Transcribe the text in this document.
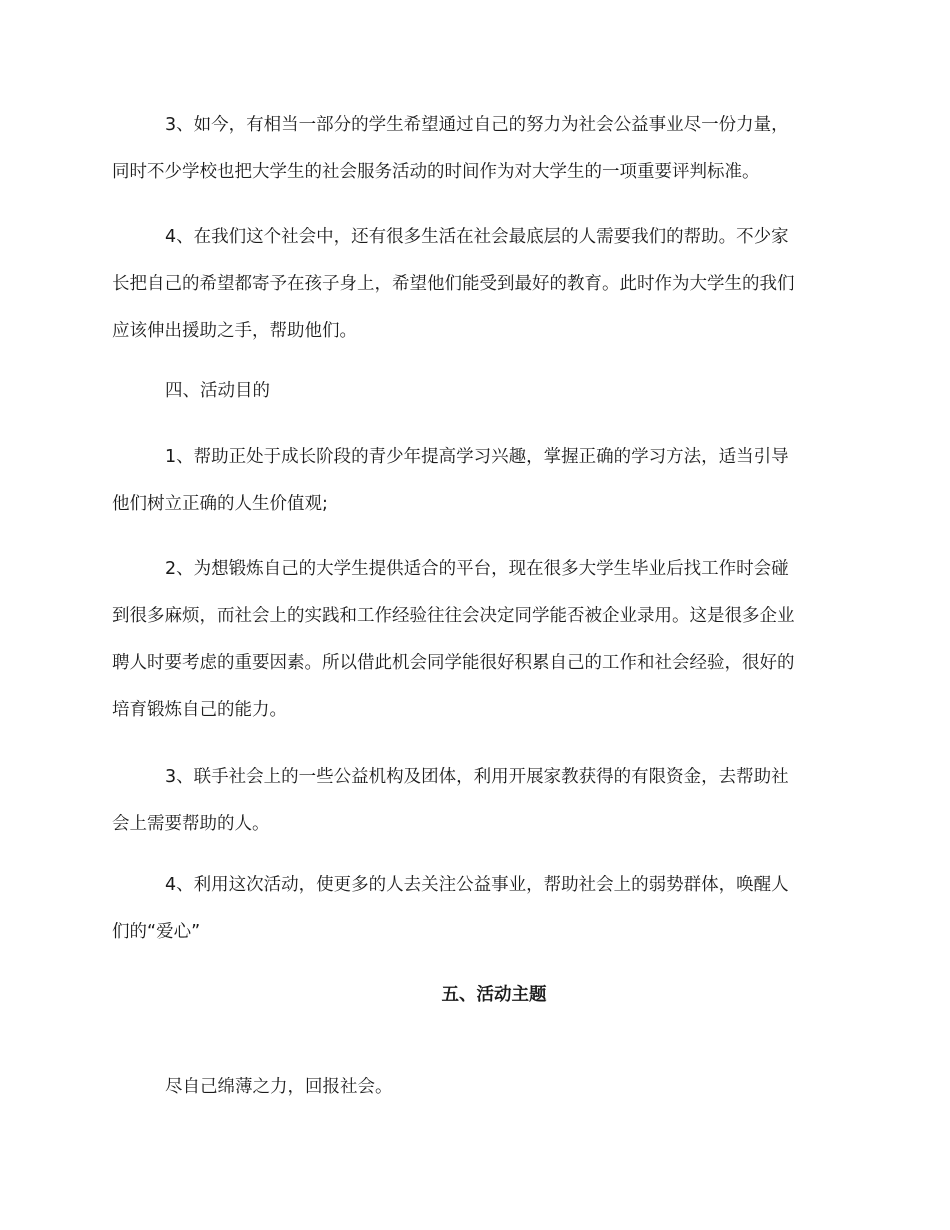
3、如今，有相当一部分的学生希望通过自己的努力为社会公益事业尽一份力量，
同时不少学校也把大学生的社会服务活动的时间作为对大学生的一项重要评判标准。
4、在我们这个社会中，还有很多生活在社会最底层的人需要我们的帮助。不少家
长把自己的希望都寄予在孩子身上，希望他们能受到最好的教育。此时作为大学生的我们
应该伸出援助之手，帮助他们。
四、活动目的
1、帮助正处于成长阶段的青少年提高学习兴趣，掌握正确的学习方法，适当引导
他们树立正确的人生价值观;
2、为想锻炼自己的大学生提供适合的平台，现在很多大学生毕业后找工作时会碰
到很多麻烦，而社会上的实践和工作经验往往会决定同学能否被企业录用。这是很多企业
聘人时要考虑的重要因素。所以借此机会同学能很好积累自己的工作和社会经验，很好的
培育锻炼自己的能力。
3、联手社会上的一些公益机构及团体，利用开展家教获得的有限资金，去帮助社
会上需要帮助的人。
4、利用这次活动，使更多的人去关注公益事业，帮助社会上的弱势群体，唤醒人
们的“爱心”
五、活动主题
尽自己绵薄之力，回报社会。
